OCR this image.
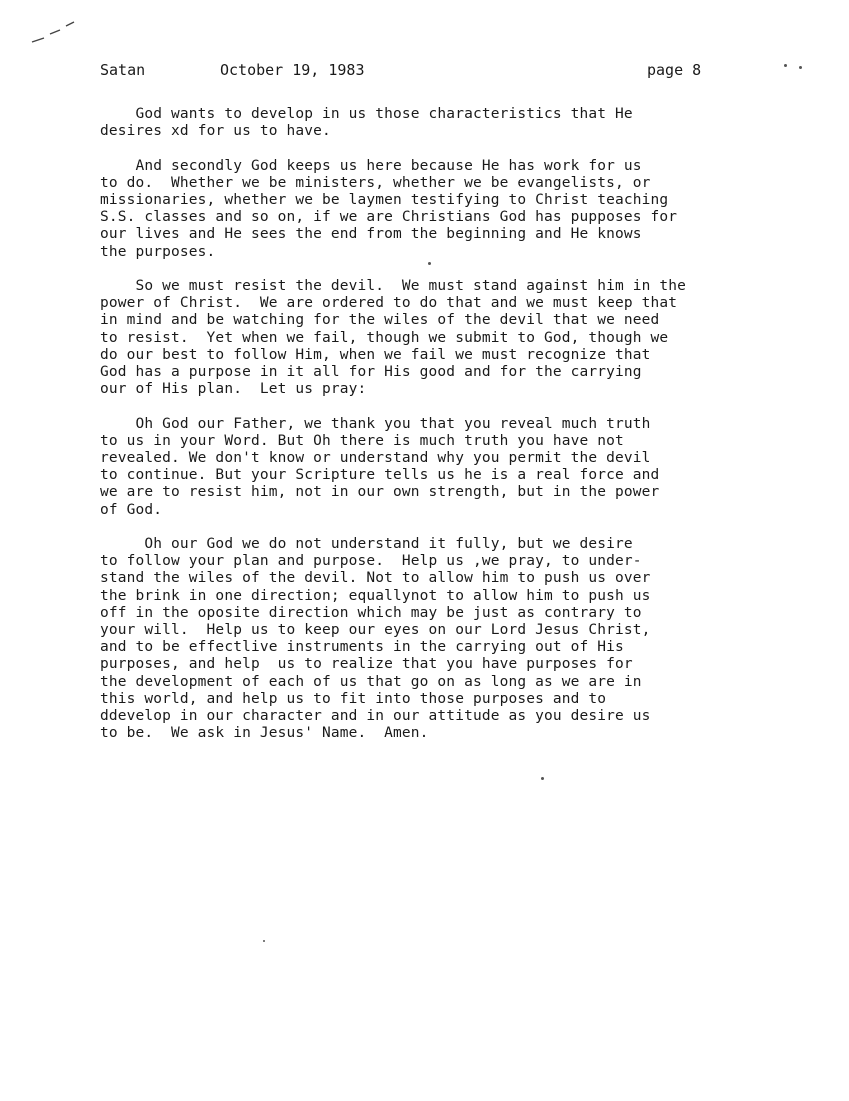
Satan	October 19, 1983	page 8

God wants to develop in us those characteristics that He
desires xd for us to have.

And secondly God keeps us here because He has work for us
to do.  Whether we be ministers, whether we be evangelists, or
missionaries, whether we be laymen testifying to Christ teaching
S.S. classes and so on, if we are Christians God has pupposes for
our lives and He sees the end from the beginning and He knows
the purposes.

So we must resist the devil.  We must stand against him in the
power of Christ.  We are ordered to do that and we must keep that
in mind and be watching for the wiles of the devil that we need
to resist.  Yet when we fail, though we submit to God, though we
do our best to follow Him, when we fail we must recognize that
God has a purpose in it all for His good and for the carrying
our of His plan.  Let us pray:

Oh God our Father, we thank you that you reveal much truth
to us in your Word. But Oh there is much truth you have not
revealed. We don't know or understand why you permit the devil
to continue. But your Scripture tells us he is a real force and
we are to resist him, not in our own strength, but in the power
of God.

Oh our God we do not understand it fully, but we desire
to follow your plan and purpose.  Help us ,we pray, to under-
stand the wiles of the devil. Not to allow him to push us over
the brink in one direction; equallynot to allow him to push us
off in the oposite direction which may be just as contrary to
your will.  Help us to keep our eyes on our Lord Jesus Christ,
and to be effectlive instruments in the carrying out of His
purposes, and help  us to realize that you have purposes for
the development of each of us that go on as long as we are in
this world, and help us to fit into those purposes and to
ddevelop in our character and in our attitude as you desire us
to be.  We ask in Jesus' Name.  Amen.
